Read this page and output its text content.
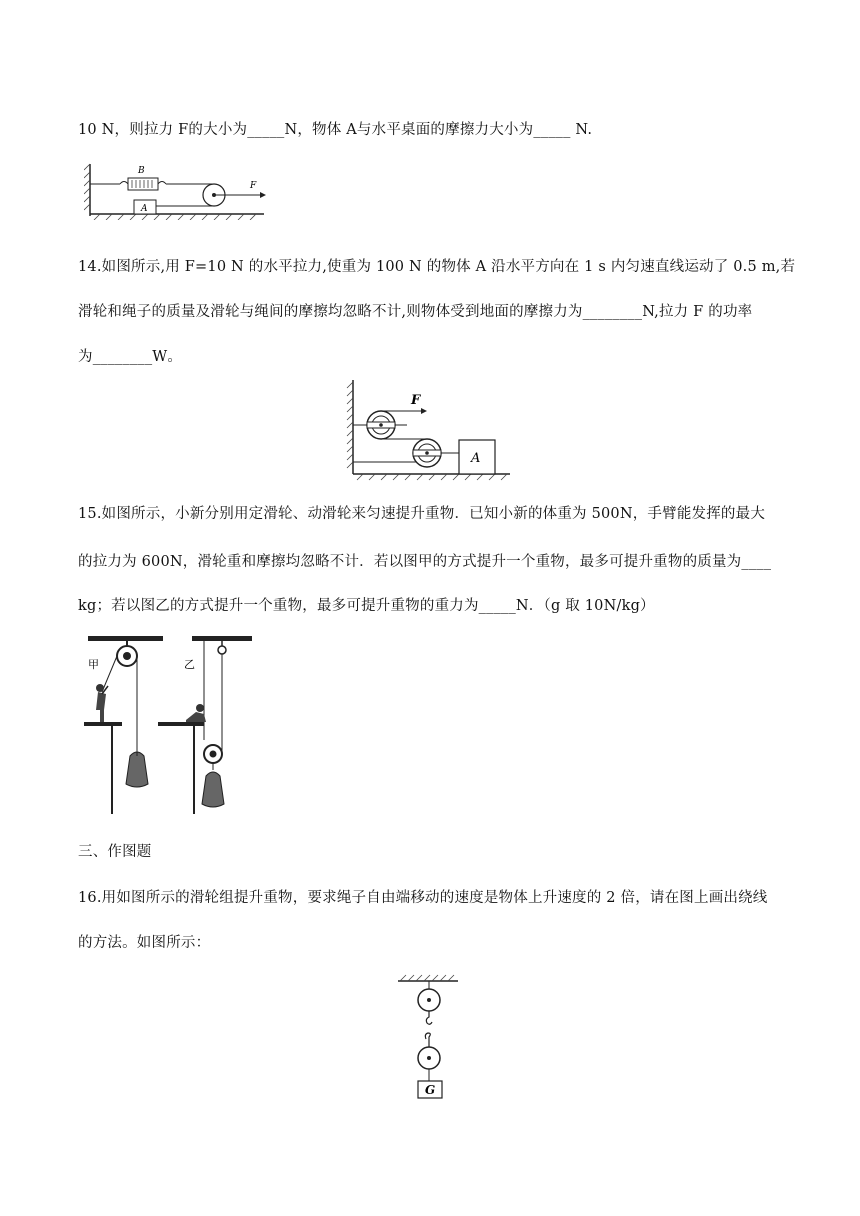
10 N，则拉力 F的大小为_____N，物体 A与水平桌面的摩擦力大小为_____ N.
B
A
F
14.如图所示,用 F=10 N 的水平拉力,使重为 100 N 的物体 A 沿水平方向在 1 s 内匀速直线运动了 0.5 m,若
滑轮和绳子的质量及滑轮与绳间的摩擦均忽略不计,则物体受到地面的摩擦力为________N,拉力 F 的功率
为________W。
F
A
15.如图所示，小新分别用定滑轮、动滑轮来匀速提升重物．已知小新的体重为 500N，手臂能发挥的最大
的拉力为 600N，滑轮重和摩擦均忽略不计．若以图甲的方式提升一个重物，最多可提升重物的质量为____
kg；若以图乙的方式提升一个重物，最多可提升重物的重力为_____N．（g 取 10N/kg）
甲	乙
三、作图题
16.用如图所示的滑轮组提升重物，要求绳子自由端移动的速度是物体上升速度的 2 倍，请在图上画出绕线
的方法。如图所示：
G
